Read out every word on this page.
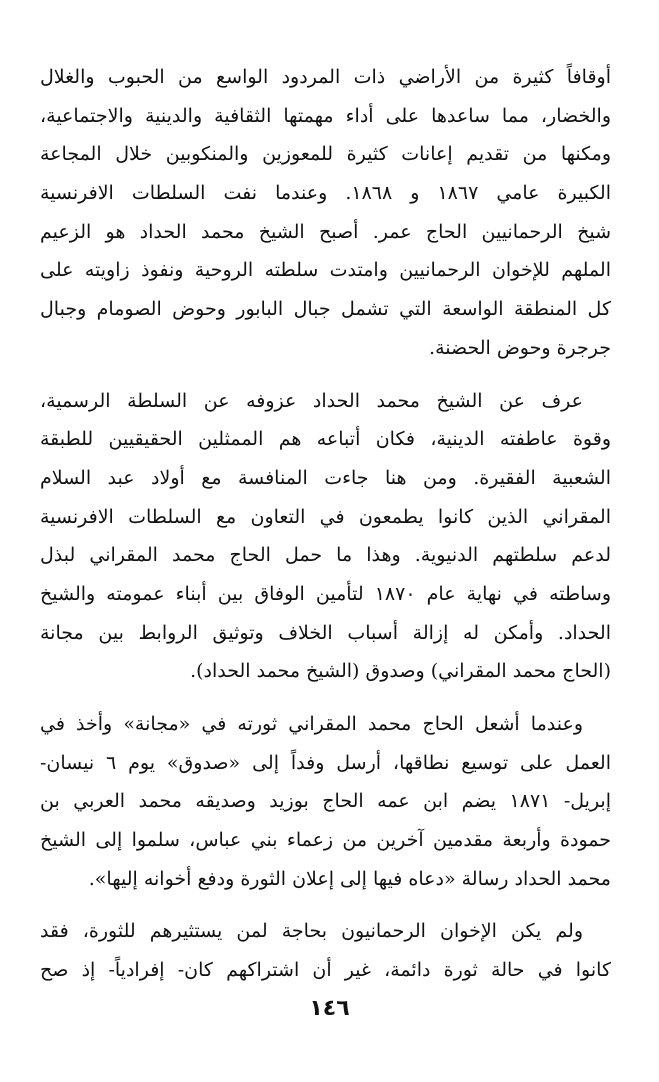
أوقافاً كثيرة من الأراضي ذات المردود الواسع من الحبوب والغلال
والخضار، مما ساعدها على أداء مهمتها الثقافية والدينية والاجتماعية،
ومكنها من تقديم إعانات كثيرة للمعوزين والمنكوبين خلال المجاعة
الكبيرة عامي ١٨٦٧ و ١٨٦٨. وعندما نفت السلطات الافرنسية
شيخ الرحمانيين الحاج عمر. أصبح الشيخ محمد الحداد هو الزعيم
الملهم للإخوان الرحمانيين وامتدت سلطته الروحية ونفوذ زاويته على
كل المنطقة الواسعة التي تشمل جبال البابور وحوض الصومام وجبال
جرجرة وحوض الحضنة.
عرف عن الشيخ محمد الحداد عزوفه عن السلطة الرسمية،
وقوة عاطفته الدينية، فكان أتباعه هم الممثلين الحقيقيين للطبقة
الشعبية الفقيرة. ومن هنا جاءت المنافسة مع أولاد عبد السلام
المقراني الذين كانوا يطمعون في التعاون مع السلطات الافرنسية
لدعم سلطتهم الدنيوية. وهذا ما حمل الحاج محمد المقراني لبذل
وساطته في نهاية عام ١٨٧٠ لتأمين الوفاق بين أبناء عمومته والشيخ
الحداد. وأمكن له إزالة أسباب الخلاف وتوثيق الروابط بين مجانة
(الحاج محمد المقراني) وصدوق (الشيخ محمد الحداد).
وعندما أشعل الحاج محمد المقراني ثورته في «مجانة» وأخذ في
العمل على توسيع نطاقها، أرسل وفداً إلى «صدوق» يوم ٦ نيسان-
إبريل- ١٨٧١ يضم ابن عمه الحاج بوزيد وصديقه محمد العربي بن
حمودة وأربعة مقدمين آخرين من زعماء بني عباس، سلموا إلى الشيخ
محمد الحداد رسالة «دعاه فيها إلى إعلان الثورة ودفع أخوانه إليها».
ولم يكن الإخوان الرحمانيون بحاجة لمن يستثيرهم للثورة، فقد
كانوا في حالة ثورة دائمة، غير أن اشتراكهم كان- إفرادياً- إذ صح
١٤٦
